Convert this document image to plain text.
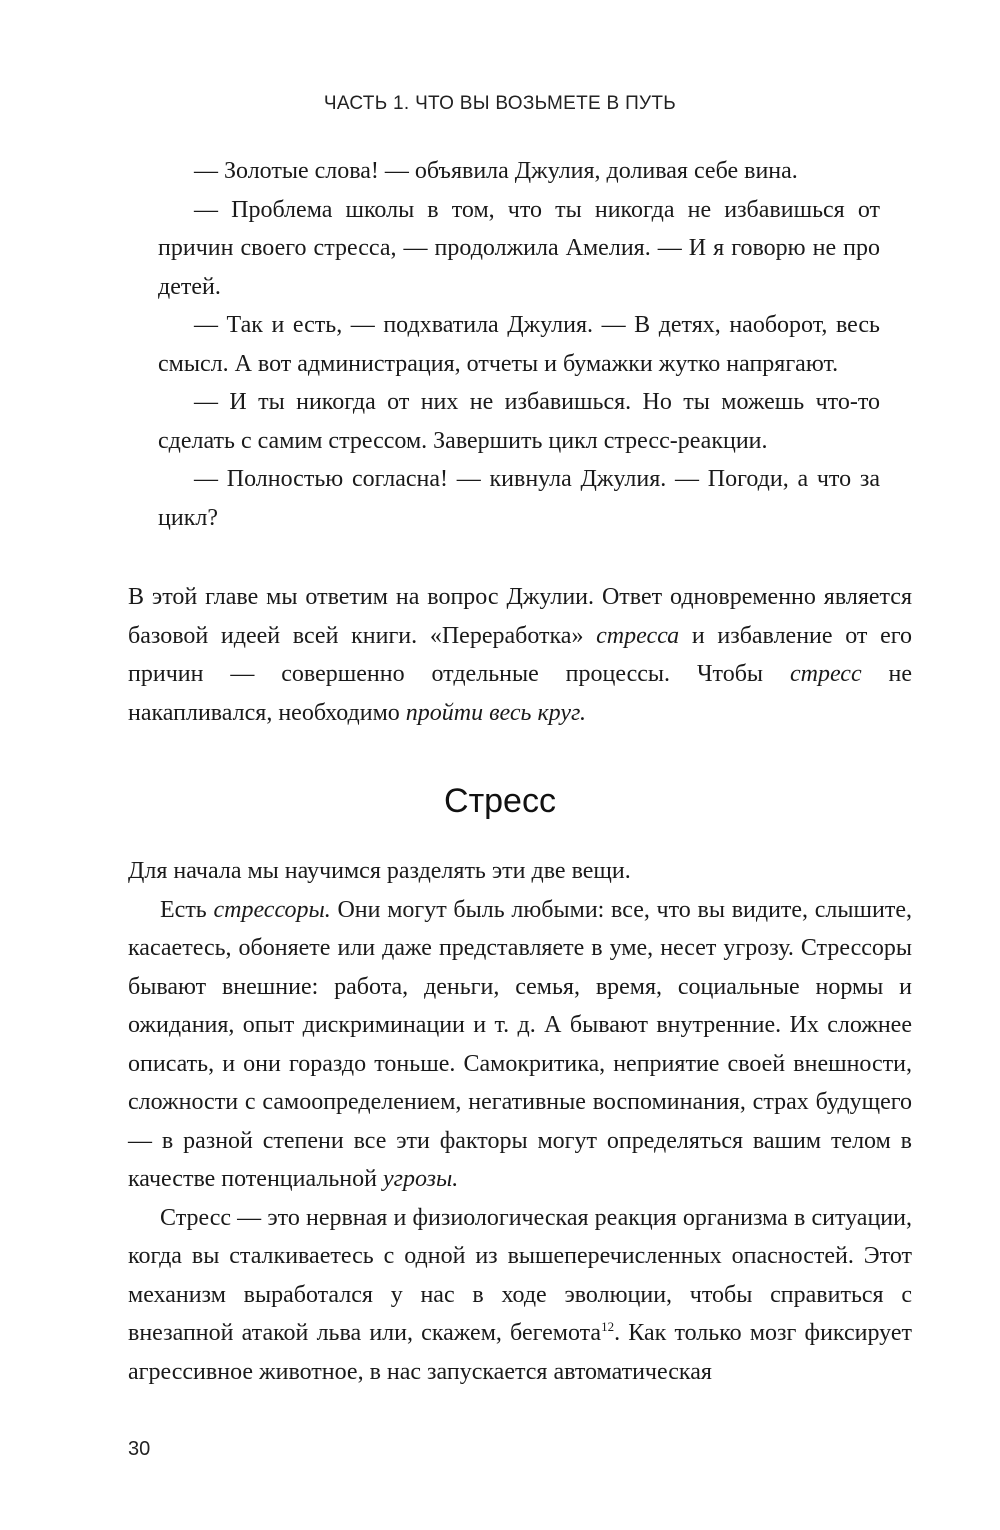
ЧАСТЬ 1. ЧТО ВЫ ВОЗЬМЕТЕ В ПУТЬ

— Золотые слова! — объявила Джулия, доливая себе вина.

— Проблема школы в том, что ты никогда не избавишься от причин своего стресса, — продолжила Амелия. — И я говорю не про детей.

— Так и есть, — подхватила Джулия. — В детях, наоборот, весь смысл. А вот администрация, отчеты и бумажки жутко напрягают.

— И ты никогда от них не избавишься. Но ты можешь что-то сделать с самим стрессом. Завершить цикл стресс-реакции.

— Полностью согласна! — кивнула Джулия. — Погоди, а что за цикл?

В этой главе мы ответим на вопрос Джулии. Ответ одновременно является базовой идеей всей книги. «Переработка» стресса и избавление от его причин — совершенно отдельные процессы. Чтобы стресс не накапливался, необходимо пройти весь круг.

Стресс

Для начала мы научимся разделять эти две вещи.

Есть стрессоры. Они могут быль любыми: все, что вы видите, слышите, касаетесь, обоняете или даже представляете в уме, несет угрозу. Стрессоры бывают внешние: работа, деньги, семья, время, социальные нормы и ожидания, опыт дискриминации и т. д. А бывают внутренние. Их сложнее описать, и они гораздо тоньше. Самокритика, неприятие своей внешности, сложности с самоопределением, негативные воспоминания, страх будущего — в разной степени все эти факторы могут определяться вашим телом в качестве потенциальной угрозы.

Стресс — это нервная и физиологическая реакция организма в ситуации, когда вы сталкиваетесь с одной из вышеперечисленных опасностей. Этот механизм выработался у нас в ходе эволюции, чтобы справиться с внезапной атакой льва или, скажем, бегемота$^{12}$. Как только мозг фиксирует агрессивное животное, в нас запускается автоматическая

30
